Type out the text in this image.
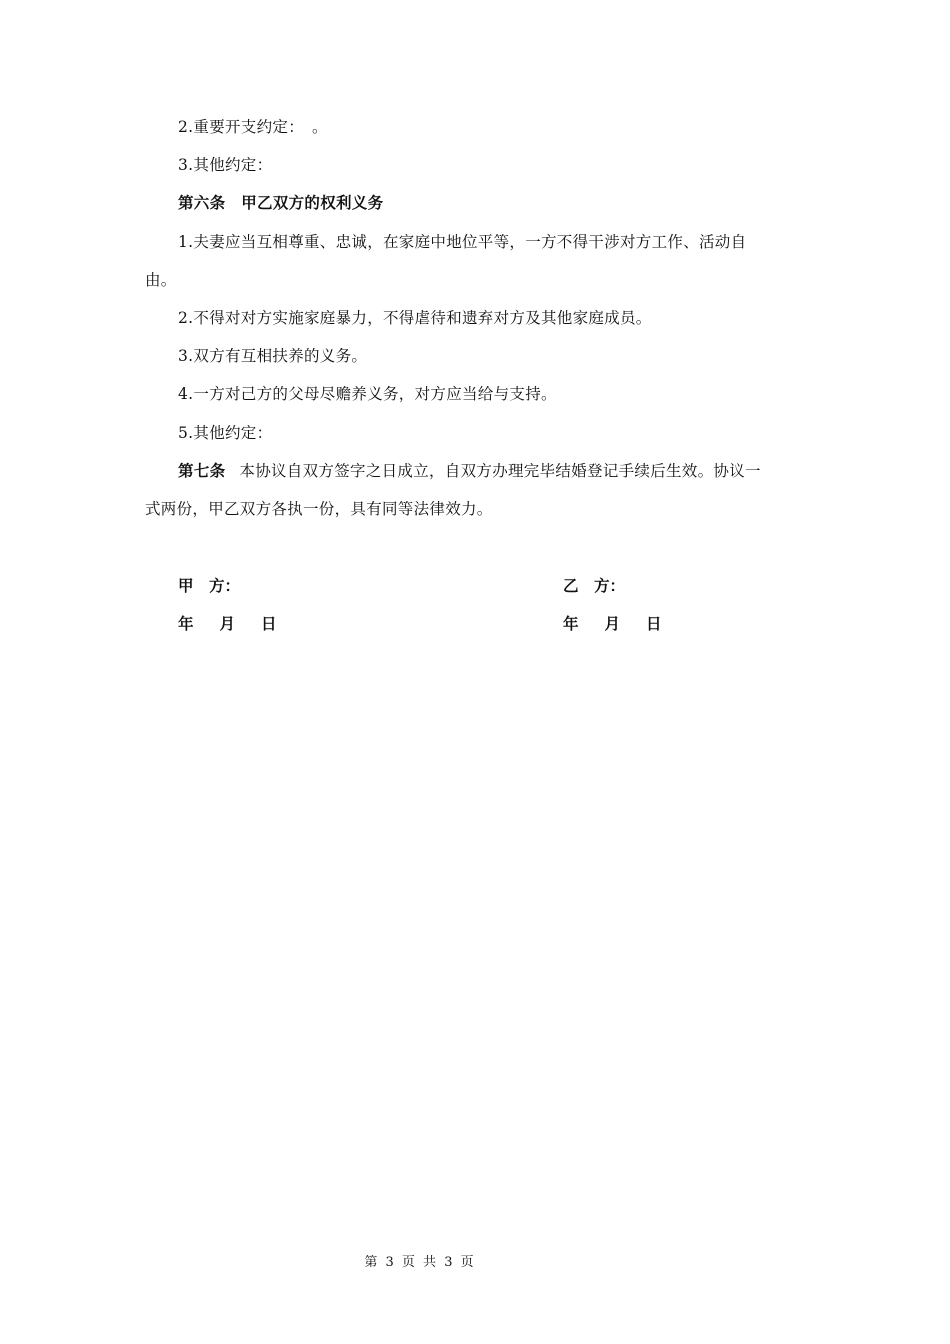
2.重要开支约定：　。
3.其他约定：
第六条　甲乙双方的权利义务
1.夫妻应当互相尊重、忠诚，在家庭中地位平等，一方不得干涉对方工作、活动自
由。
2.不得对对方实施家庭暴力，不得虐待和遗弃对方及其他家庭成员。
3.双方有互相扶养的义务。
4.一方对己方的父母尽赡养义务，对方应当给与支持。
5.其他约定：
第七条 本协议自双方签字之日成立，自双方办理完毕结婚登记手续后生效。协议一
式两份，甲乙双方各执一份，具有同等法律效力。
甲　方：	乙　方：
年 月 日	年 月 日
第 3 页 共 3 页
